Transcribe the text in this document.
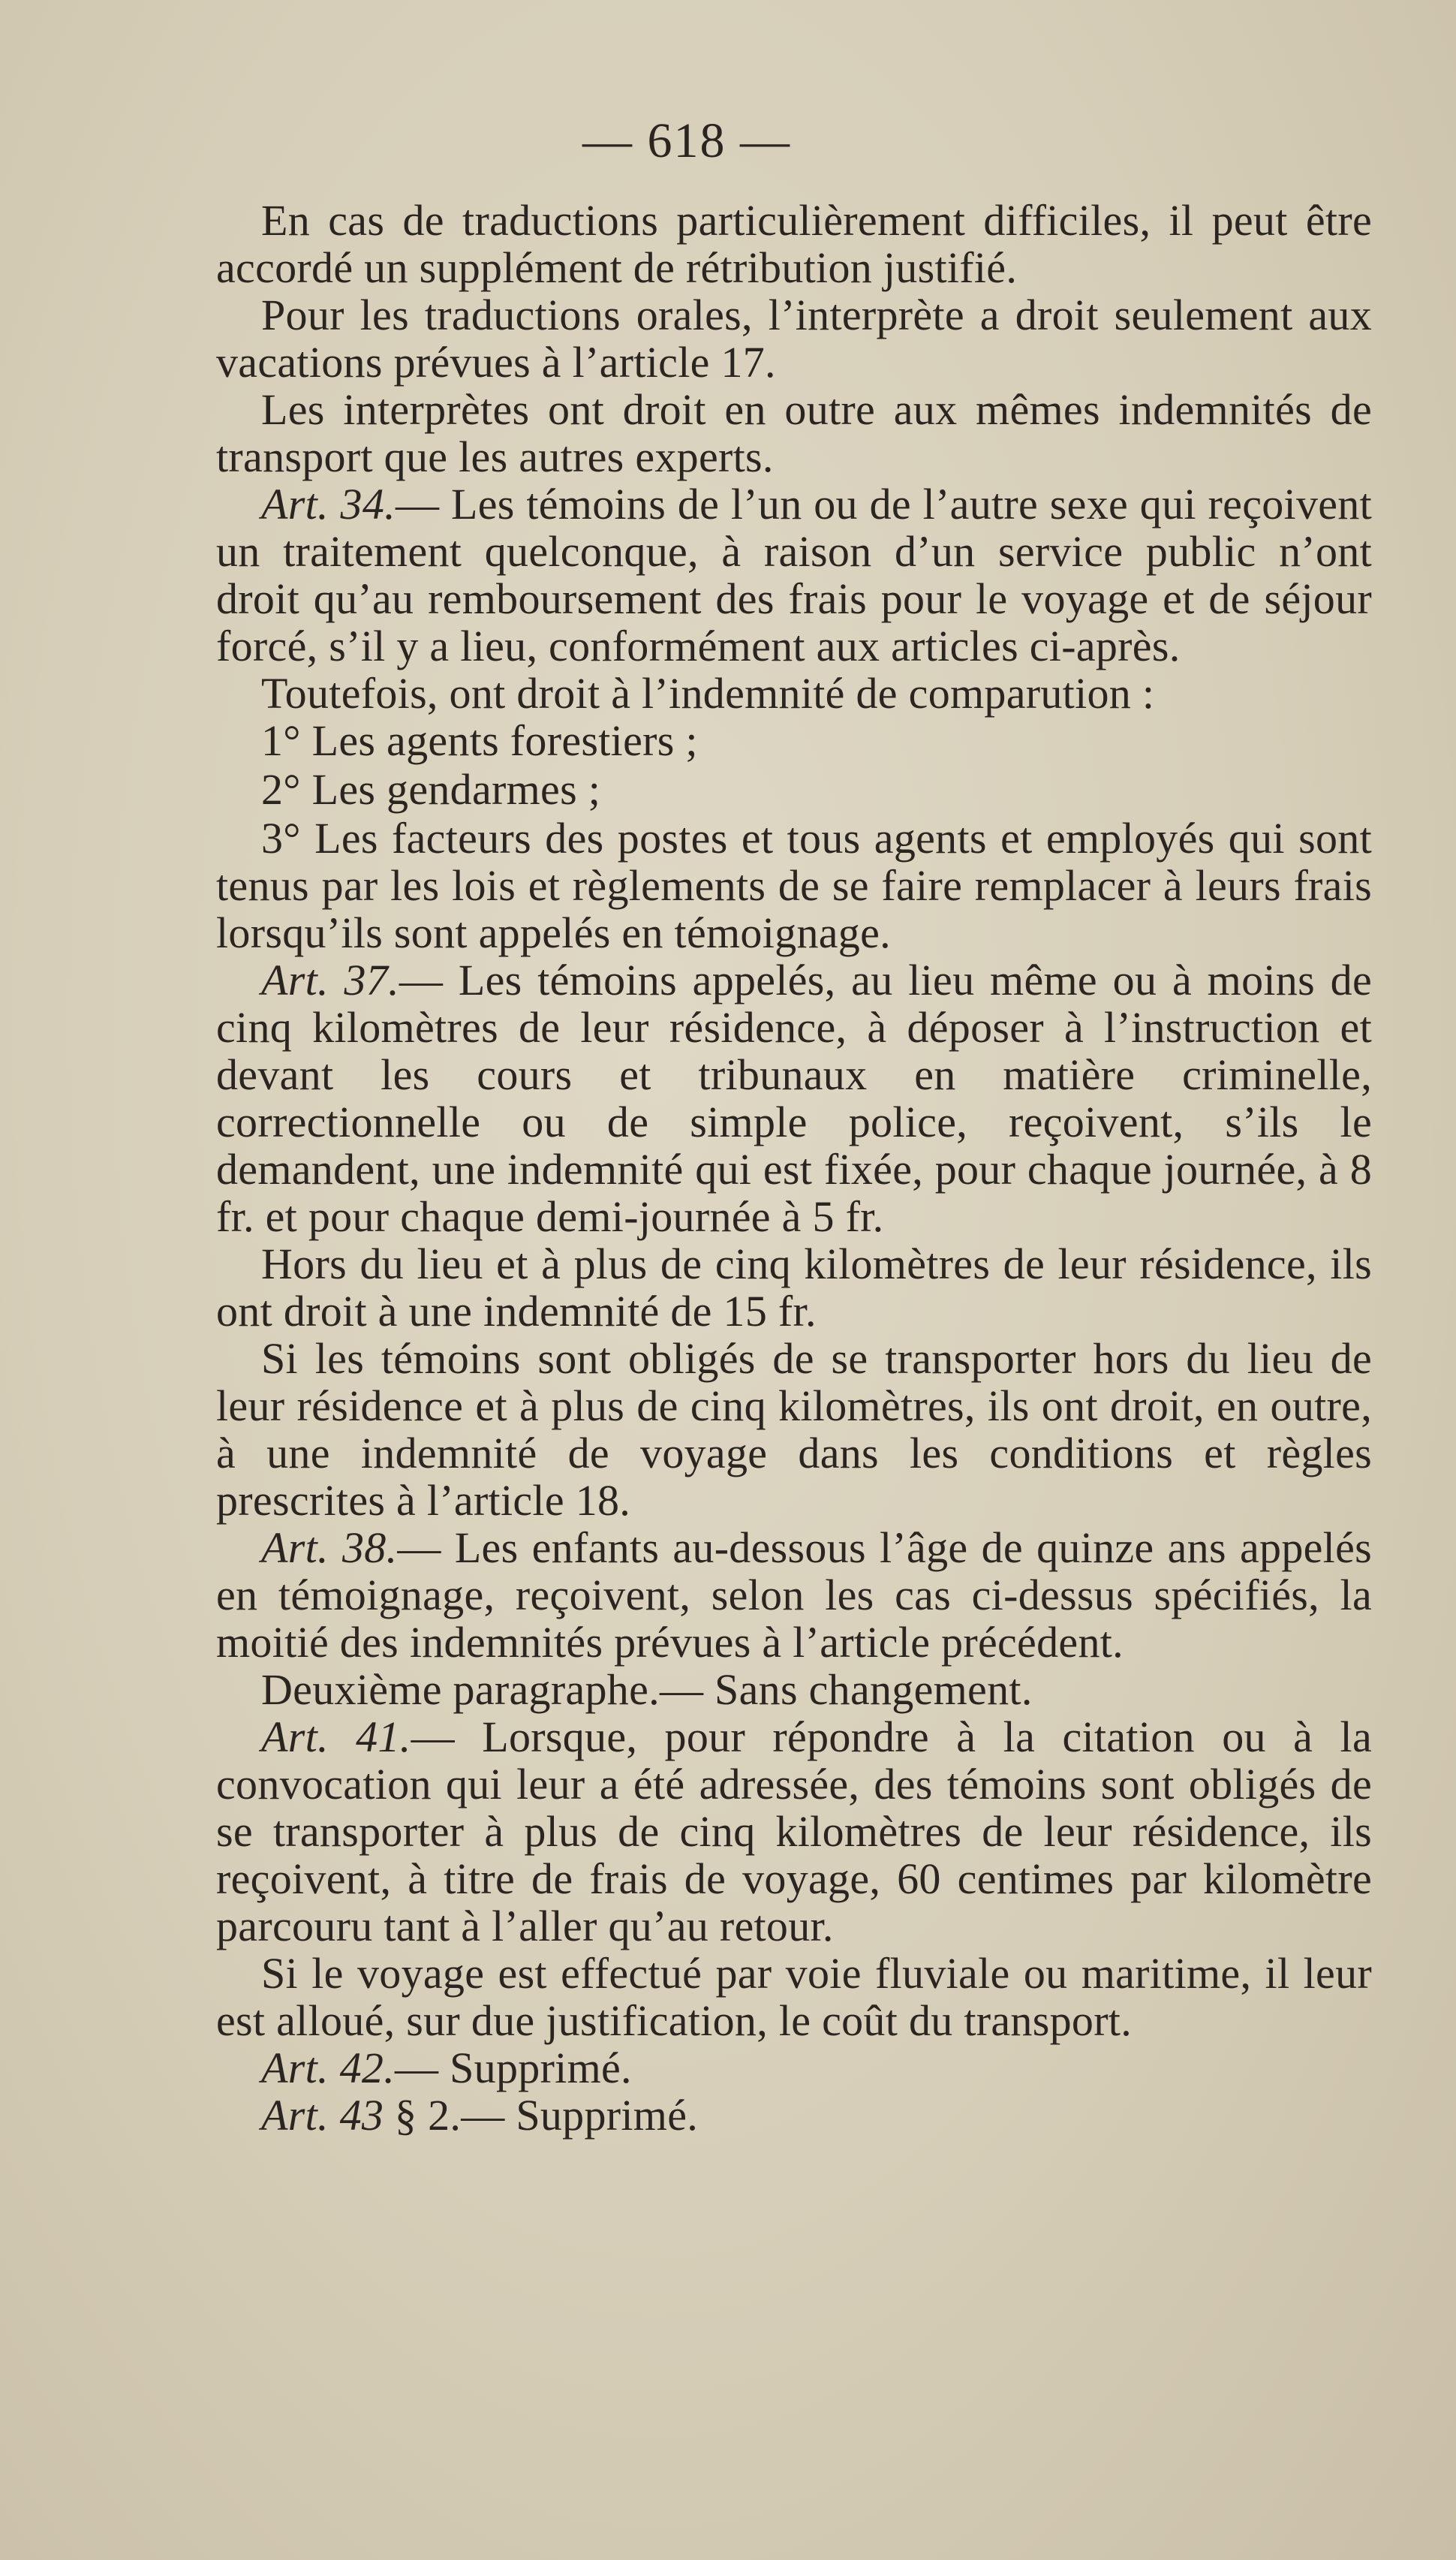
— 618 —

En cas de traductions particulièrement difficiles, il peut être accordé un supplément de rétribution justifié.

Pour les traductions orales, l’interprète a droit seulement aux vacations prévues à l’article 17.

Les interprètes ont droit en outre aux mêmes indemnités de transport que les autres experts.

Art. 34.— Les témoins de l’un ou de l’autre sexe qui reçoivent un traitement quelconque, à raison d’un service public n’ont droit qu’au remboursement des frais pour le voyage et de séjour forcé, s’il y a lieu, conformément aux articles ci-après.

Toutefois, ont droit à l’indemnité de comparution :

1° Les agents forestiers ;

2° Les gendarmes ;

3° Les facteurs des postes et tous agents et employés qui sont tenus par les lois et règlements de se faire remplacer à leurs frais lorsqu’ils sont appelés en témoignage.

Art. 37.— Les témoins appelés, au lieu même ou à moins de cinq kilomètres de leur résidence, à déposer à l’instruction et devant les cours et tribunaux en matière criminelle, correctionnelle ou de simple police, reçoivent, s’ils le demandent, une indemnité qui est fixée, pour chaque journée, à 8 fr. et pour chaque demi-journée à 5 fr.

Hors du lieu et à plus de cinq kilomètres de leur résidence, ils ont droit à une indemnité de 15 fr.

Si les témoins sont obligés de se transporter hors du lieu de leur résidence et à plus de cinq kilomètres, ils ont droit, en outre, à une indemnité de voyage dans les conditions et règles prescrites à l’article 18.

Art. 38.— Les enfants au-dessous l’âge de quinze ans appelés en témoignage, reçoivent, selon les cas ci-dessus spécifiés, la moitié des indemnités prévues à l’article précédent.

Deuxième paragraphe.— Sans changement.

Art. 41.— Lorsque, pour répondre à la citation ou à la convocation qui leur a été adressée, des témoins sont obligés de se transporter à plus de cinq kilomètres de leur résidence, ils reçoivent, à titre de frais de voyage, 60 centimes par kilomètre parcouru tant à l’aller qu’au retour.

Si le voyage est effectué par voie fluviale ou maritime, il leur est alloué, sur due justification, le coût du transport.

Art. 42.— Supprimé.

Art. 43 § 2.— Supprimé.
